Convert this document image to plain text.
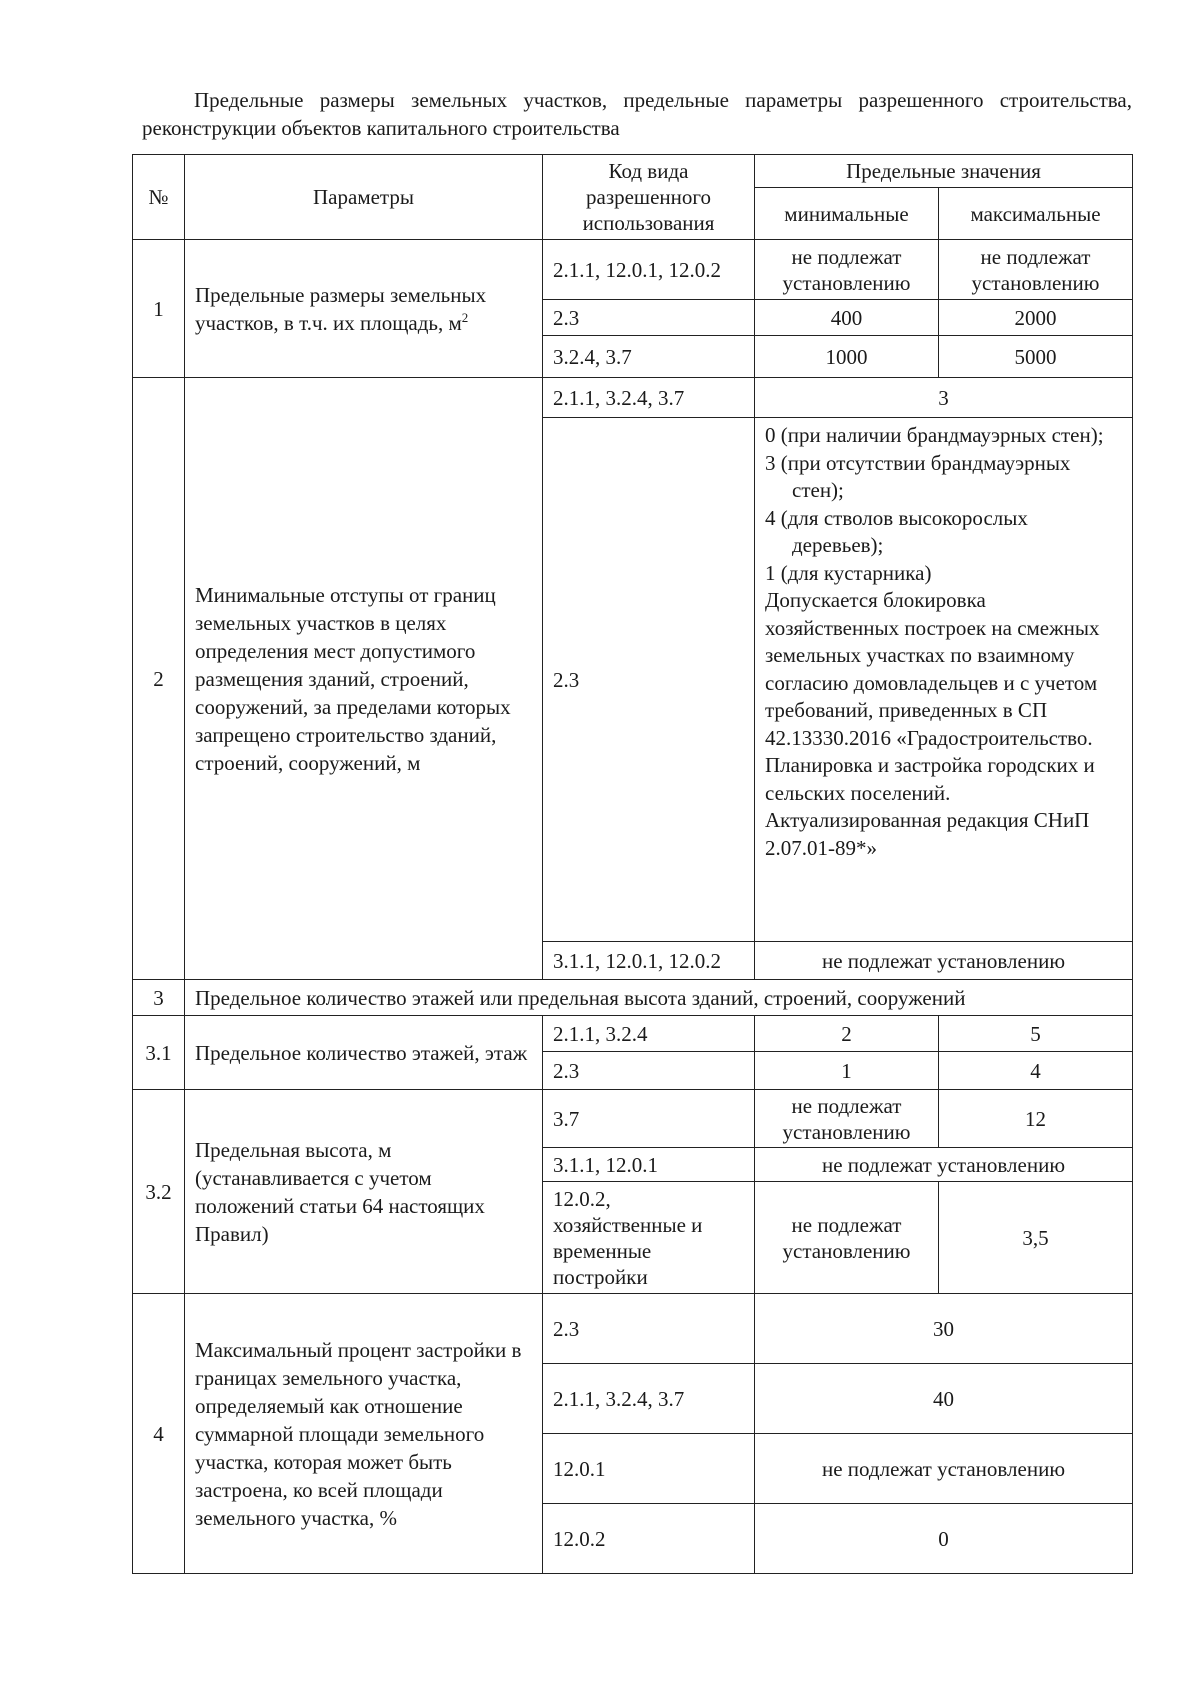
Предельные размеры земельных участков, предельные параметры разрешенного строительства, реконструкции объектов капитального строительства
№	Параметры	Код вида разрешенного использования	Предельные значения	
			минимальные	максимальные
1	Предельные размеры земельных участков, в т.ч. их площадь, $м^2$	2.1.1, 12.0.1, 12.0.2	не подлежат установлению	не подлежат установлению
		2.3	400	2000
		3.2.4, 3.7	1000	5000
2	Минимальные отступы от границ земельных участков в целях определения мест допустимого размещения зданий, строений, сооружений, за пределами которых запрещено строительство зданий, строений, сооружений, м	2.1.1, 3.2.4, 3.7	3	
		2.3	0 (при наличии брандмауэрных стен);
3 (при отсутствии брандмауэрных стен);
4 (для стволов высокорослых деревьев);
1 (для кустарника)
Допускается блокировка хозяйственных построек на смежных земельных участках по взаимному согласию домовладельцев и с учетом требований, приведенных в СП 42.13330.2016 «Градостроительство. Планировка и застройка городских и сельских поселений. Актуализированная редакция СНиП 2.07.01-89*»	

		3.1.1, 12.0.1, 12.0.2	не подлежат установлению	
3	Предельное количество этажей или предельная высота зданий, строений, сооружений			
3.1	Предельное количество этажей, этаж	2.1.1, 3.2.4	2	5
		2.3	1	4
3.2	Предельная высота, м (устанавливается с учетом положений статьи 64 настоящих Правил)	3.7	не подлежат установлению	12
		3.1.1, 12.0.1	не подлежат установлению	
		12.0.2, хозяйственные и временные постройки	не подлежат установлению	3,5
4	Максимальный процент застройки в границах земельного участка, определяемый как отношение суммарной площади земельного участка, которая может быть застроена, ко всей площади земельного участка, %	2.3	30	
		2.1.1, 3.2.4, 3.7	40	
		12.0.1	не подлежат установлению	
		12.0.2	0	
